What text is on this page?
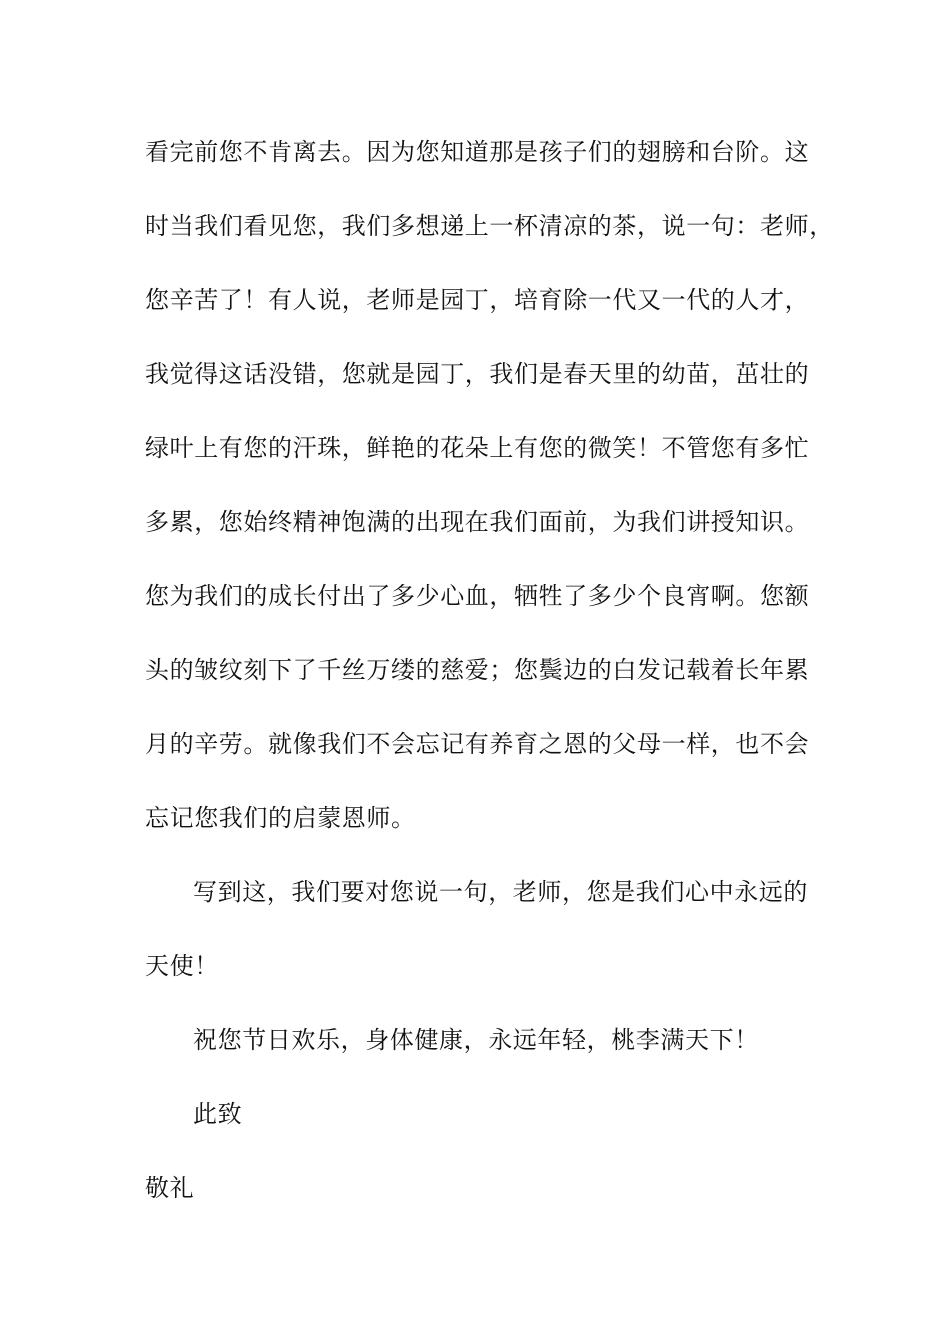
看完前您不肯离去。因为您知道那是孩子们的翅膀和台阶。这
时当我们看见您，我们多想递上一杯清凉的茶，说一句：老师，
您辛苦了！有人说，老师是园丁，培育除一代又一代的人才，
我觉得这话没错，您就是园丁，我们是春天里的幼苗，茁壮的
绿叶上有您的汗珠，鲜艳的花朵上有您的微笑！不管您有多忙
多累，您始终精神饱满的出现在我们面前，为我们讲授知识。
您为我们的成长付出了多少心血，牺牲了多少个良宵啊。您额
头的皱纹刻下了千丝万缕的慈爱；您鬓边的白发记载着长年累
月的辛劳。就像我们不会忘记有养育之恩的父母一样，也不会
忘记您我们的启蒙恩师。
写到这，我们要对您说一句，老师，您是我们心中永远的
天使！
祝您节日欢乐，身体健康，永远年轻，桃李满天下！
此致
敬礼
